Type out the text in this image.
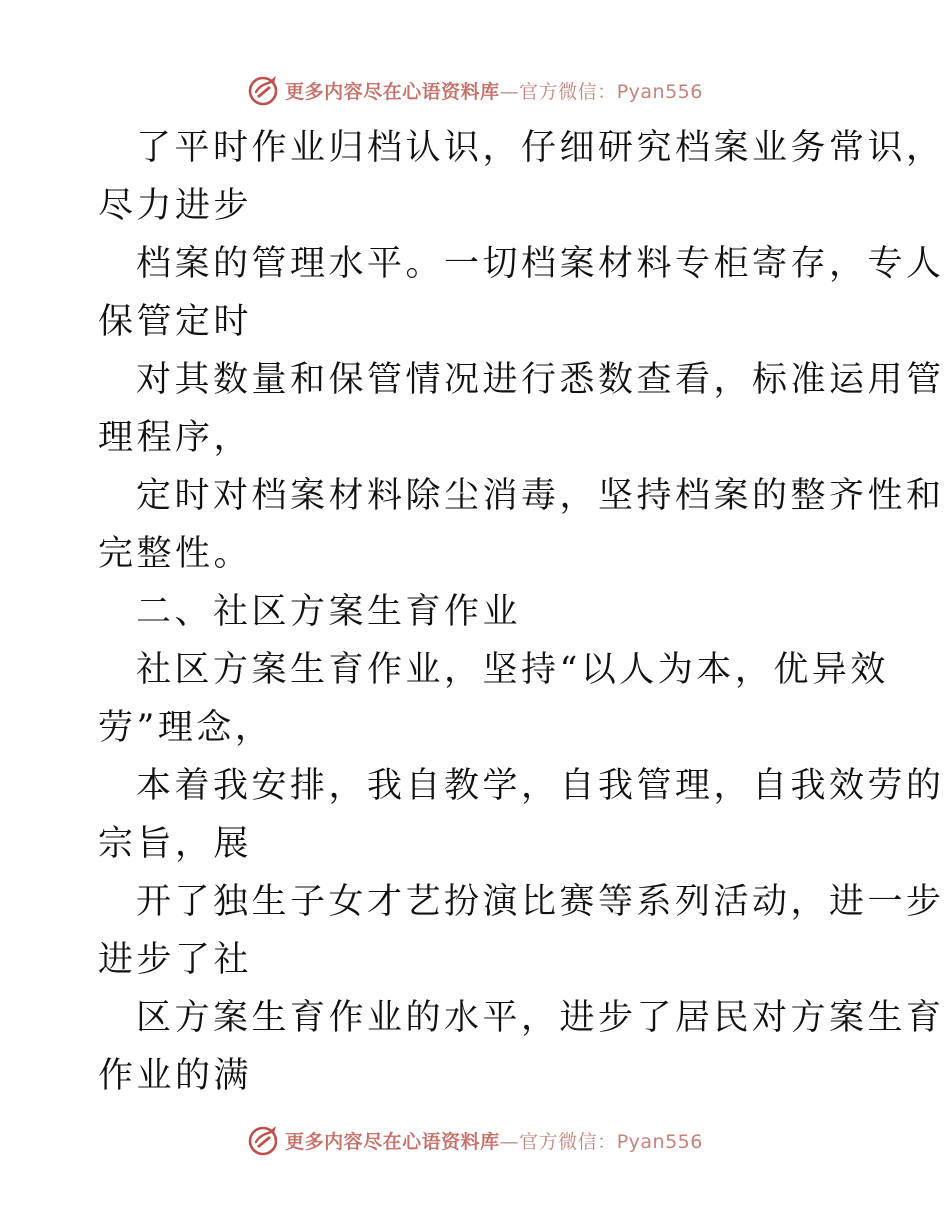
更多内容尽在心语资料库—官方微信：Pyan556
了平时作业归档认识，仔细研究档案业务常识，
尽力进步
档案的管理水平。一切档案材料专柜寄存，专人
保管定时
对其数量和保管情况进行悉数查看，标准运用管
理程序，
定时对档案材料除尘消毒，坚持档案的整齐性和
完整性。
二、社区方案生育作业
社区方案生育作业，坚持“以人为本，优异效
劳”理念，
本着我安排，我自教学，自我管理，自我效劳的
宗旨，展
开了独生子女才艺扮演比赛等系列活动，进一步
进步了社
区方案生育作业的水平，进步了居民对方案生育
作业的满
更多内容尽在心语资料库—官方微信：Pyan556
